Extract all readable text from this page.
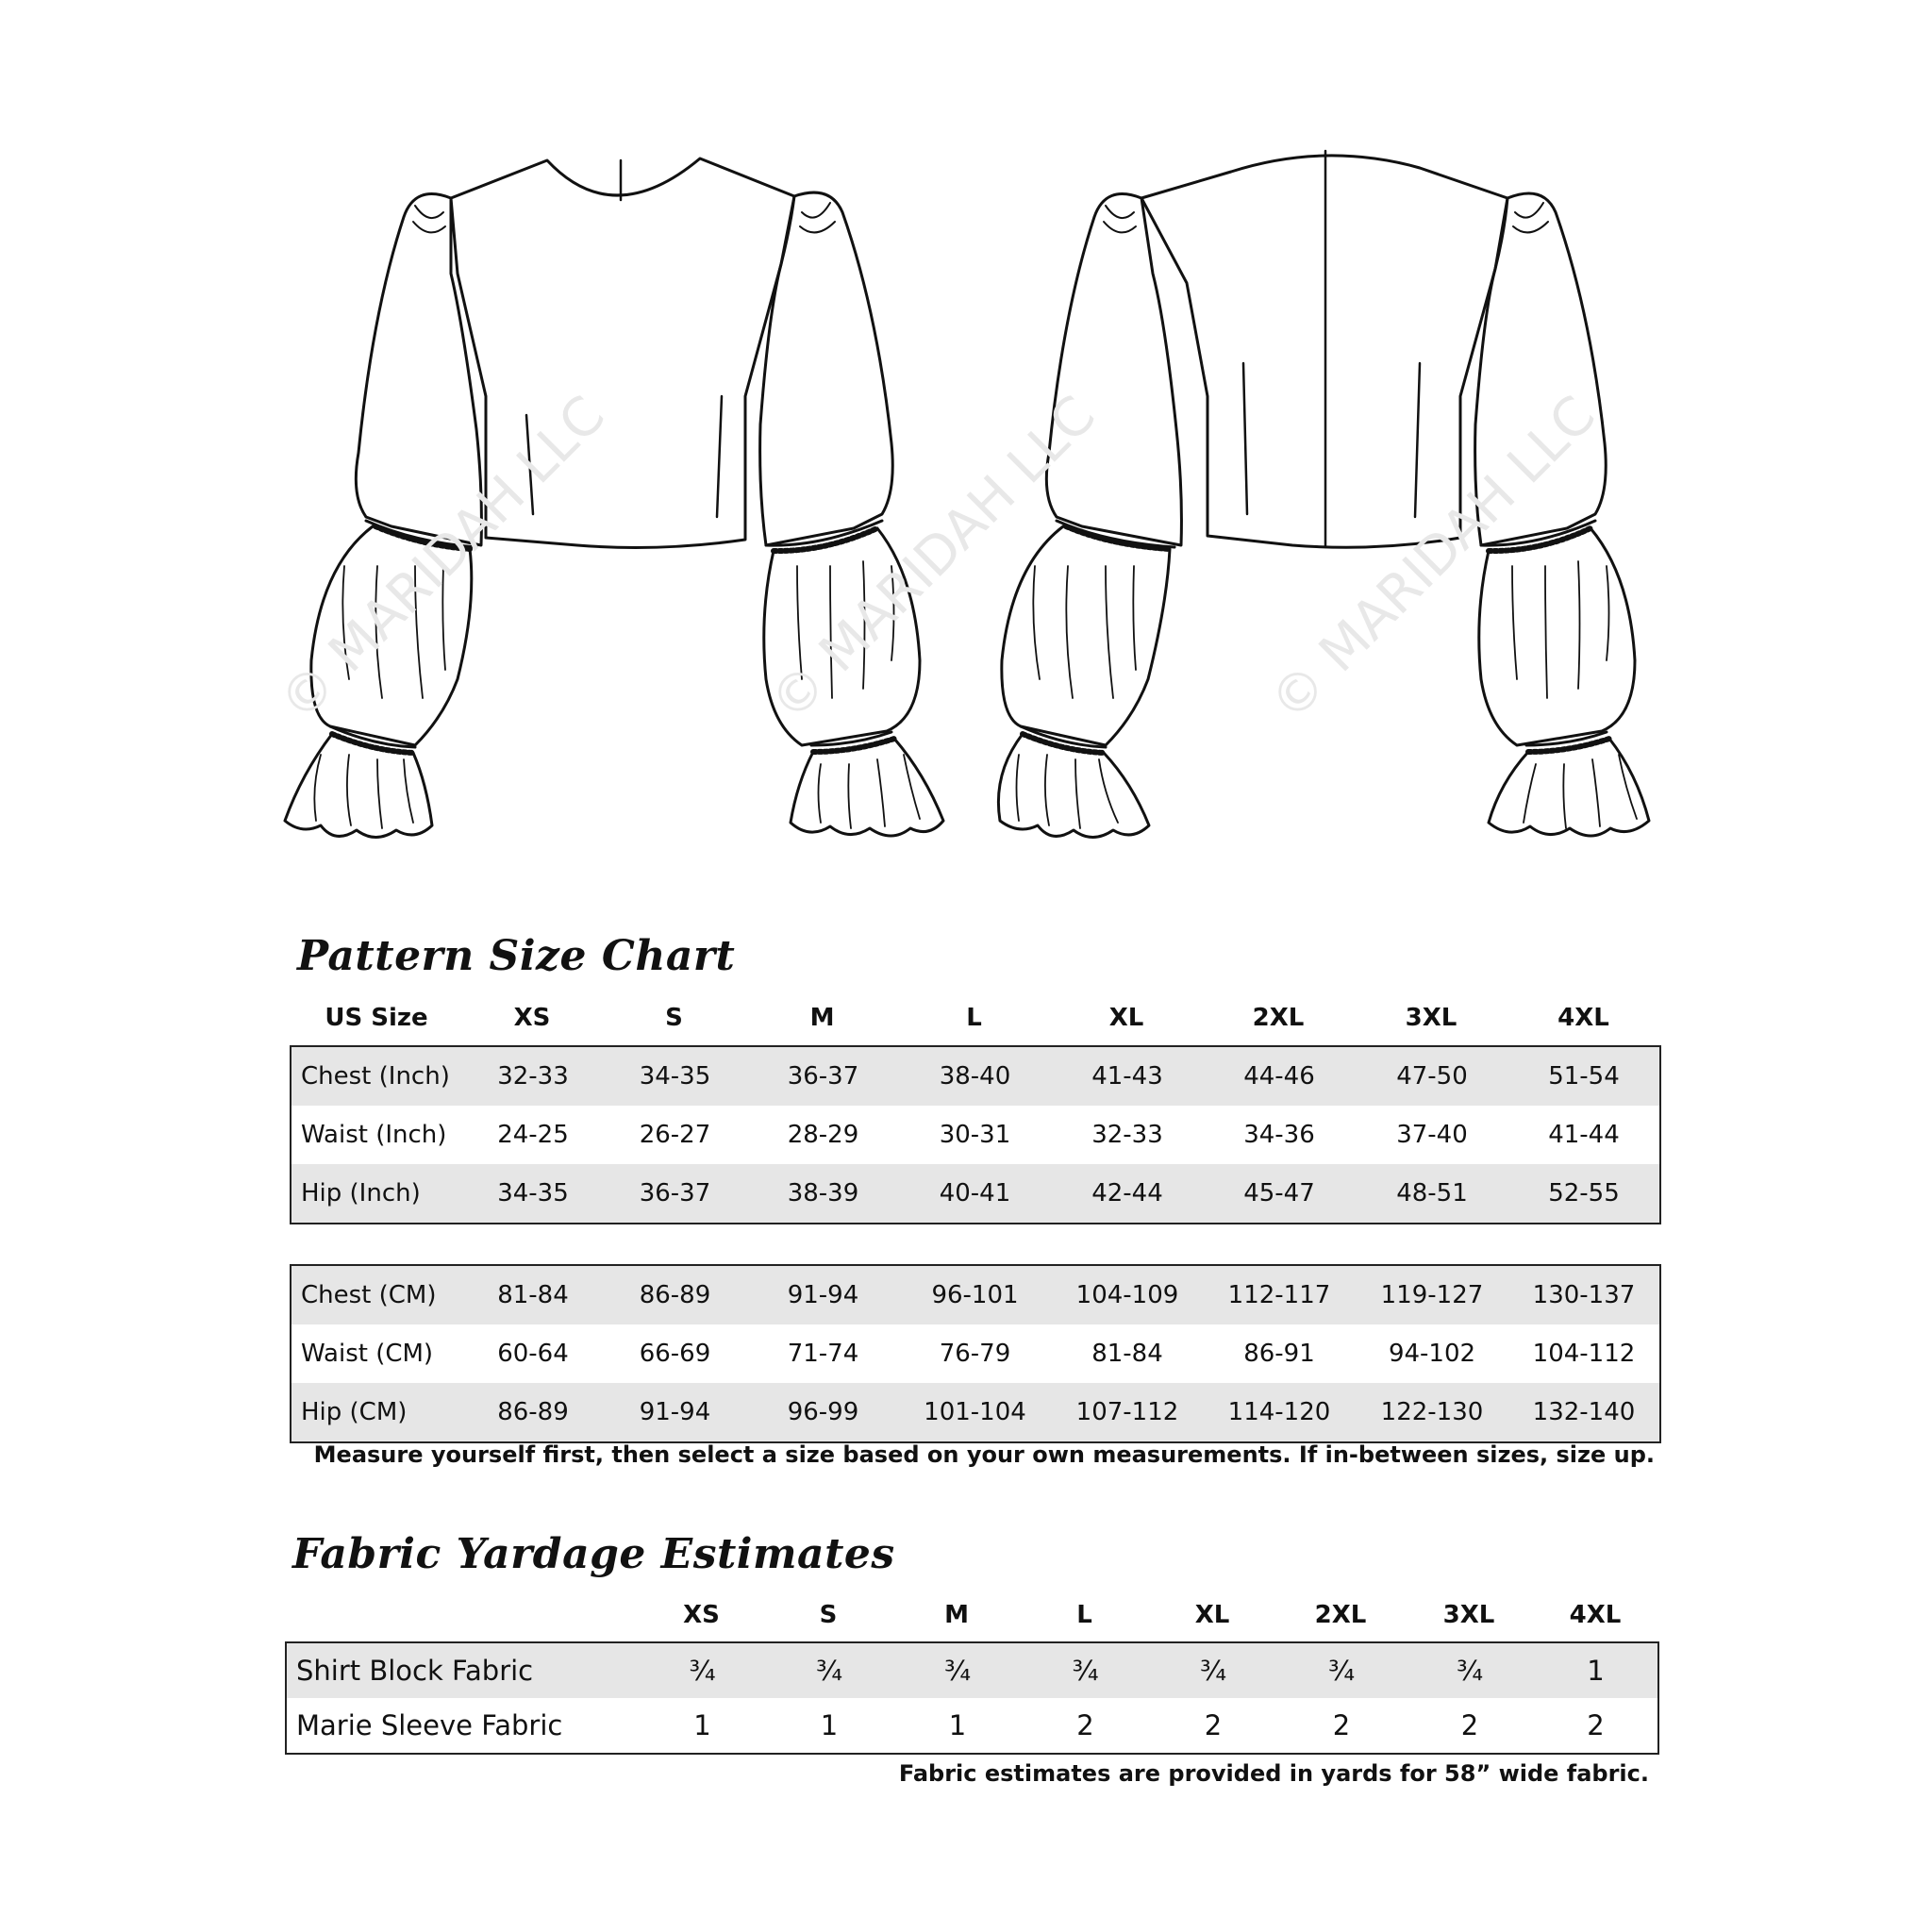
© MARIDAH LLC	© MARIDAH LLC	© MARIDAH LLC
Pattern Size Chart
US Size	XS	S	M	L	XL	2XL	3XL	4XL
Chest (Inch)	32-33	34-35	36-37	38-40	41-43	44-46	47-50	51-54
Waist (Inch)	24-25	26-27	28-29	30-31	32-33	34-36	37-40	41-44
Hip (Inch)	34-35	36-37	38-39	40-41	42-44	45-47	48-51	52-55
Chest (CM)	81-84	86-89	91-94	96-101	104-109	112-117	119-127	130-137
Waist (CM)	60-64	66-69	71-74	76-79	81-84	86-91	94-102	104-112
Hip (CM)	86-89	91-94	96-99	101-104	107-112	114-120	122-130	132-140
Measure yourself first, then select a size based on your own measurements. If in-between sizes, size up.
Fabric Yardage Estimates
	XS	S	M	L	XL	2XL	3XL	4XL
Shirt Block Fabric	¾	¾	¾	¾	¾	¾	¾	1
Marie Sleeve Fabric	1	1	1	2	2	2	2	2
Fabric estimates are provided in yards for 58” wide fabric.
